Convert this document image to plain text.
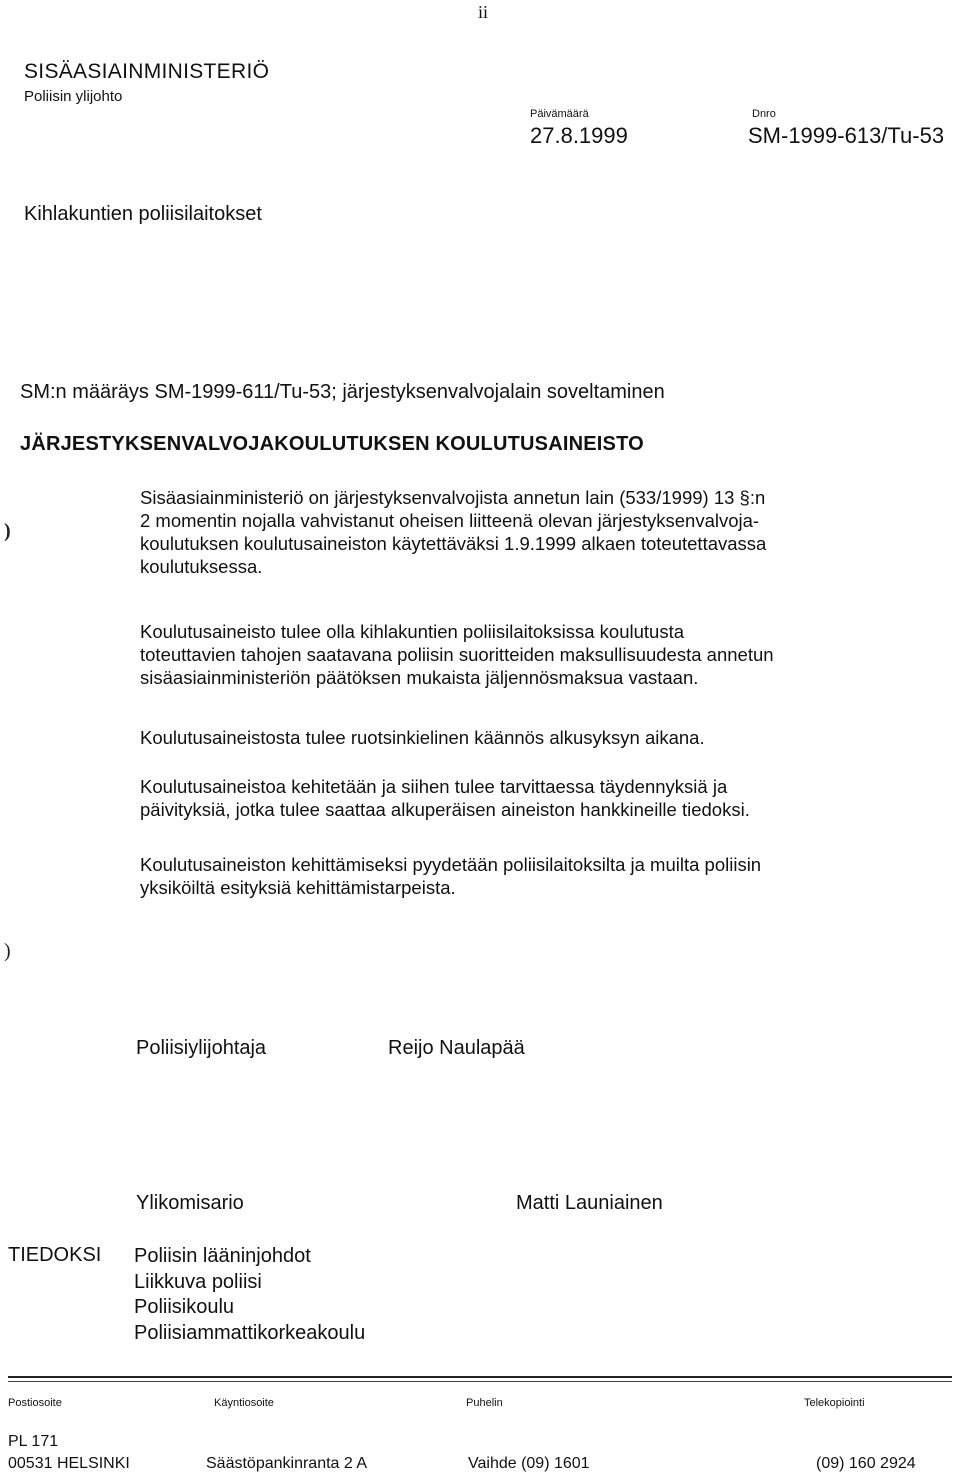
ii
SISÄASIAINMINISTERIÖ
Poliisin ylijohto
Päivämäärä
27.8.1999
Dnro
SM-1999-613/Tu-53
Kihlakuntien poliisilaitokset
SM:n määräys SM-1999-611/Tu-53; järjestyksenvalvojalain soveltaminen
JÄRJESTYKSENVALVOJAKOULUTUKSEN KOULUTUSAINEISTO

Sisäasiainministeriö on järjestyksenvalvojista annetun lain (533/1999) 13 §:n

2 momentin nojalla vahvistanut oheisen liitteenä olevan järjestyksenvalvoja-

koulutuksen koulutusaineiston käytettäväksi 1.9.1999 alkaen toteutettavassa

koulutuksessa.

Koulutusaineisto tulee olla kihlakuntien poliisilaitoksissa koulutusta

toteuttavien tahojen saatavana poliisin suoritteiden maksullisuudesta annetun

sisäasiainministeriön päätöksen mukaista jäljennösmaksua vastaan.

Koulutusaineistosta tulee ruotsinkielinen käännös alkusyksyn aikana.

Koulutusaineistoa kehitetään ja siihen tulee tarvittaessa täydennyksiä ja

päivityksiä, jotka tulee saattaa alkuperäisen aineiston hankkineille tiedoksi.

Koulutusaineiston kehittämiseksi pyydetään poliisilaitoksilta ja muilta poliisin

yksiköiltä esityksiä kehittämistarpeista.

Poliisiylijohtaja	Reijo Naulapää
Ylikomisario	Matti Launiainen
TIEDOKSI Poliisin lääninjohdot
Liikkuva poliisi
Poliisikoulu
Poliisiammattikorkeakoulu
Postiosoite	Käyntiosoite	Puhelin	Telekopiointi
PL 171
00531 HELSINKI	Säästöpankinranta 2 A	Vaihde (09) 1601	(09) 160 2924
)
)
